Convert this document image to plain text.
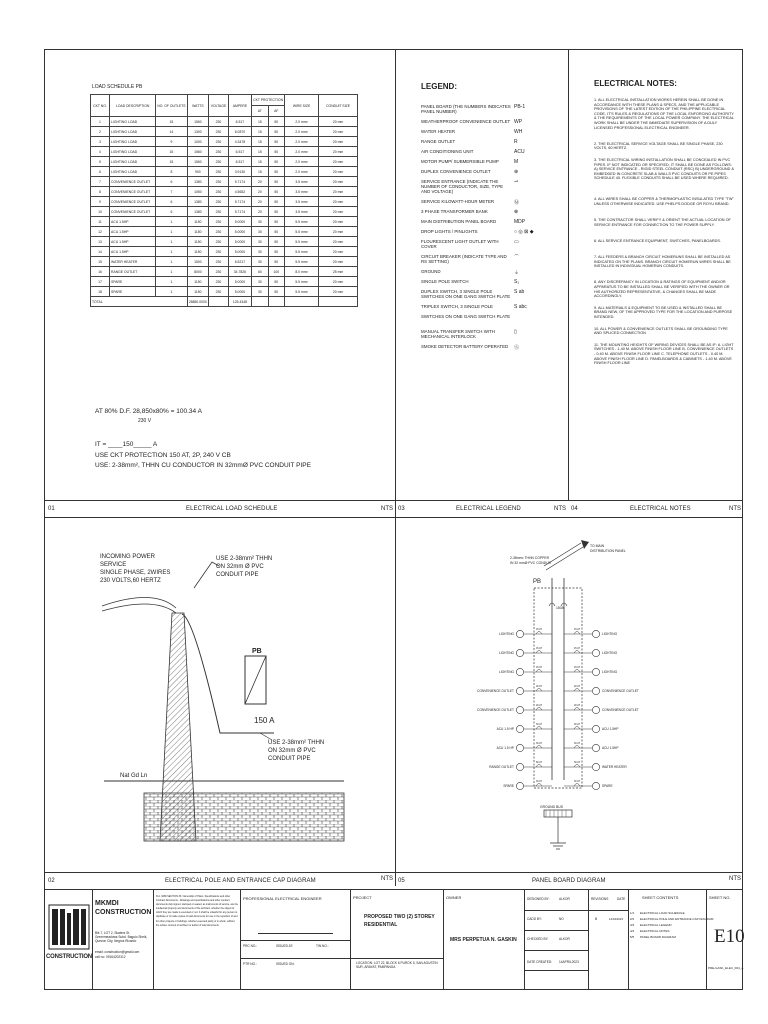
LOAD SCHEDULE PB
CKT NO.	LOAD DESCRIPTION	NO. OF OUTLETS	WATTS	VOLTAGE	AMPERE	CKT PROTECTION		WIRE SIZE	CONDUIT SIZE
						AT	AF		
1	LIGHTING LOAD	15	1560	230	6.517	15	50	2.0 mm²	20 mm
2	LIGHTING LOAD	14	1300	230	6.0870	15	50	2.0 mm²	20 mm
3	LIGHTING LOAD	9	1000	230	4.3478	15	50	2.0 mm²	20 mm
4	LIGHTING LOAD	15	1560	230	6.517	15	50	2.0 mm²	20 mm
5	LIGHTING LOAD	15	1560	230	6.517	15	50	2.0 mm²	20 mm
6	LIGHTING LOAD	8	900	230	3.9130	15	50	2.0 mm²	20 mm
7	CONVENIENCE OUTLET	6	1380	230	5.7174	20	50	3.5 mm²	20 mm
8	CONVENIENCE OUTLET	7	1050	230	4.5652	20	50	3.5 mm²	20 mm
9	CONVENIENCE OUTLET	6	1380	230	5.7174	20	50	3.5 mm²	20 mm
10	CONVENIENCE OUTLET	6	1380	230	5.7174	20	50	3.5 mm²	20 mm
11	ACU 1.5HP	1	1150	230	5.0000	30	50	5.5 mm²	20 mm
12	ACU 1.5HP	1	1150	230	5.0000	30	50	5.5 mm²	20 mm
13	ACU 1.5HP	1	1150	230	5.0000	30	50	5.5 mm²	20 mm
14	ACU 1.5HP	1	1150	230	5.0000	30	50	5.5 mm²	20 mm
15	WATER HEATER	1	1500	230	6.5217	30	50	5.5 mm²	20 mm
16	RANGE OUTLET	1	8000	230	34.7826	60	100	8.0 mm²	25 mm
17	SPARE	1	1150	230	5.0000	30	50	5.5 mm²	20 mm
18	SPARE	1	1150	230	5.0000	30	50	5.5 mm²	20 mm
TOTAL			28850.0000		125.4348				
AT 80% D.F. 28,850x80% = 100.34 A
230 V
IT = ____150_____ A
USE CKT PROTECTION 150 AT, 2P, 240 V CB
USE: 2-38mm², THHN CU CONDUCTOR IN 32mmØ PVC CONDUIT PIPE
01	ELECTRICAL LOAD SCHEDULE	NTS
LEGEND:
PANEL BOARD (THE NUMBERS INDICATES PANEL NUMBER)
PB-1
WEATHERPROOF CONVENIENCE OUTLET WP
WATER HEATER	WH
RANGE OUTLET	R
AIR CONDITIONING UNIT	ACU
MOTOR PUMP/ SUBMERSIBLE PUMP	M
DUPLEX CONVENIENCE OUTLET	⊕
SERVICE ENTRANCE (INDICATE THE NUMBER OF CONDUCTOR, SIZE, TYPE AND VOLTAGE)
⇀
SERVICE KILOWATT-HOUR METER	Ⓜ
3 PHASE TRANSFORMER BANK	⊗
MAIN DISTRIBUTION PANEL BOARD	MDP
DROP LIGHTS / PINLIGHTS	○ ◎ ⊠ ◆
FLOURESCENT LIGHT OUTLET WITH COVER
▭
CIRCUIT BREAKER (INDICATE TYPE AND RS SETTING)
⌒
GROUND	⏚
SINGLE POLE SWITCH	S₁
DUPLEX SWITCH, 3 SINGLE POLE SWITCHES ON ONE GANG SWITCH PLATE
S ab
TRIPLEX SWITCH, 3 SINGLE POLE	S abc
SWITCHES ON ONE GANG SWITCH PLATE
MANUAL TRANSFER SWITCH WITH MECHANICAL INTERLOCK
▯
SMOKE DETECTOR BATTERY OPERATED	Ⓢ
03	ELECTRICAL LEGEND	NTS
ELECTRICAL NOTES:
1. ALL ELECTRICAL INSTALLATION WORKS HEREIN SHALL BE DONE IN ACCORDANCE WITH THESE PLANS & SPECS, AND THE APPLICABLE PROVISIONS OF THE LATEST EDITION OF THE PHILIPPINE ELECTRICAL CODE, IT'S RULES & REGULATIONS OF THE LOCAL ENFORCING AUTHORITY & THE REQUIREMENTS OF THE LOCAL POWER COMPANY. THE ELECTRICAL WORK SHALL BE UNDER THE IMMEDIATE SUPERVISION OF A DULY LICENSED PROFESSIONAL ELECTRICAL ENGINEER.
2. THE ELECTRICAL SERVICE VOLTAGE SHALL BE SINGLE PHASE, 230 VOLTS, 60 HERTZ.
3. THE ELECTRICAL WIRING INSTALLATION SHALL BE CONCEALED IN PVC PIPES. IF NOT INDICATED OR SPECIFIED, IT SHALL BE DONE AS FOLLOWS: A) SERVICE ENTRANCE - RIGID STEEL CONDUIT (RSC) B) UNDERGROUND & EMBEDDED IN CONCRETE SLAB & WALLS PVC CONDUITS OR PE PIPES SCHEDULE 40. FLEXIBLE CONDUITS SHALL BE USED WHERE REQUIRED.
4. ALL WIRES SHALL BE COPPER & THERMOPLASTIC INSULATED TYPE "TW" UNLESS OTHERWISE INDICATED. USE PHELPS DODGE OR ROYU BRAND.
5. THE CONTRACTOR SHALL VERIFY & ORIENT THE ACTUAL LOCATION OF SERVICE ENTRANCE FOR CONNECTION TO THE POWER SUPPLY.
6. ALL SERVICE ENTRANCE EQUIPMENT, SWITCHES, PANELBOARDS.
7. ALL FEEDERS & BRANCH CIRCUIT HOMERUNS SHALL BE INSTALLED AS INDICATED ON THE PLANS. BRANCH CIRCUIT HOMERUN WIRES SHALL BE INSTALLED IN INDIVIDUAL HOMERUN CONDUITS.
8. ANY DISCREPANCY IN LOCATION & RATINGS OF EQUIPMENT AND/OR APPARATUS TO BE INSTALLED SHALL BE VERIFIED WITH THE OWNER OR HIS AUTHORIZED REPRESENTATIVE, & CHANGES SHALL BE MADE ACCORDINGLY.
9. ALL MATERIALS & EQUIPMENT TO BE USED & INSTALLED SHALL BE BRAND NEW, OF THE APPROVED TYPE FOR THE LOCATION AND PURPOSE INTENDED.
10. ALL POWER & CONVENIENCE OUTLETS SHALL BE GROUNDING TYPE AND SPLICED CONNECTION
11. THE MOUNTING HEIGHTS OF WIRING DEVICES SHALL BE AS IF: A. LIGHT SWITCHES - 1.40 M. ABOVE FINISH FLOOR LINE B. CONVENIENCE OUTLETS - 0.40 M. ABOVE FINISH FLOOR LINE C. TELEPHONE OUTLETS - 0.40 M. ABOVE FINISH FLOOR LINE D. PANELBOARDS & CABINETS - 1.40 M. ABOVE FINISH FLOOR LINE
04	ELECTRICAL NOTES	NTS
INCOMING POWER
SERVICE
SINGLE PHASE, 2WIRES
230 VOLTS,60 HERTZ
USE 2-38mm² THHN
ON 32mm Ø PVC
CONDUIT PIPE
PB
150 A
USE 2-38mm² THHN
ON 32mm Ø PVC
CONDUIT PIPE
Nat Gd Ln
02	ELECTRICAL POLE AND ENTRANCE CAP DIAGRAM	NTS
LIGHTING
15 AT
LIGHTING
15 AT
LIGHTING
15 AT
LIGHTING
15 AT
LIGHTING
15 AT
LIGHTING
15 AT
CONVENIENCE OUTLET
20 AT
CONVENIENCE OUTLET
20 AT
CONVENIENCE OUTLET
20 AT
CONVENIENCE OUTLET
20 AT
ACU 1.5 HP
30 AT
ACU 1.5HP
30 AT
ACU 1.5 HP
30 AT
ACU 1.5HP
30 AT
RANGE OUTLET
60 AT
WATER HEATER
30 AT
SPARE
30 AT
SPARE
30 AT
2-38mm² THHN COPPER
IN 32 mmØ PVC CONDUIT
TO MAIN
DISTRIBUTION PANEL
PB
150A
GROUND BUS
05	PANEL BOARD DIAGRAM	NTS
CONSTRUCTION
MKMDI
CONSTRUCTION
Blk 7, LOT 2, Skaters St. Greenmeadows Subd. Baguio Sheik, Quezon City, Negros Ricardo
email: construction@gmail.com
cell no: 09164202312
R.A. 9266 SECTION 33: Ownership of Plans, Specifications and other Contract Documents - Drawings and specifications and other contract documents duly signed, stamped or sealed, as instruments of service, are the intellectual property and documents of the architect, whether the object for which they are made is executed or not. It shall be unlawful for any person to duplicate or to make copies of said documents for use in the repetition of and for other projects or buildings, whether executed partly or in whole, without the written consent of architect or author of said documents.
PROFESSIONAL ELECTRICAL ENGINEER
PRC NO.:	ISSUED AT:	TIN NO.:
PTR NO.:	ISSUED ON:
PROJECT
PROPOSED TWO (2) STOREY
RESIDENTIAL
LOCATION: LOT 22, BLOCK 6 PUROK II, SAN AGUSTIN SUR, ARAYAT, PAMPANGA
OWNER
MRS PERPETUA N. GASKIN
DESIGNED BY:	ALKOR
CADD BY:	NO
CHECKED BY:	ALKOR
DATE CREATED: 14APRIL2023
REVISIONS	DATE
B	14/04/2023
SHEET CONTENTS
1/1 ELECTRICAL LOAD SCHEDULE
2/2 ELECTRICAL POLE AND ENTRANCE CAP DIAGRAM
3/3 ELECTRICAL LEGEND
4/4 ELECTRICAL NOTES
5/5 PANEL BOARD DIAGRAM
SHEET NO.
E10
PRE-GASK_ELEC_004_A
